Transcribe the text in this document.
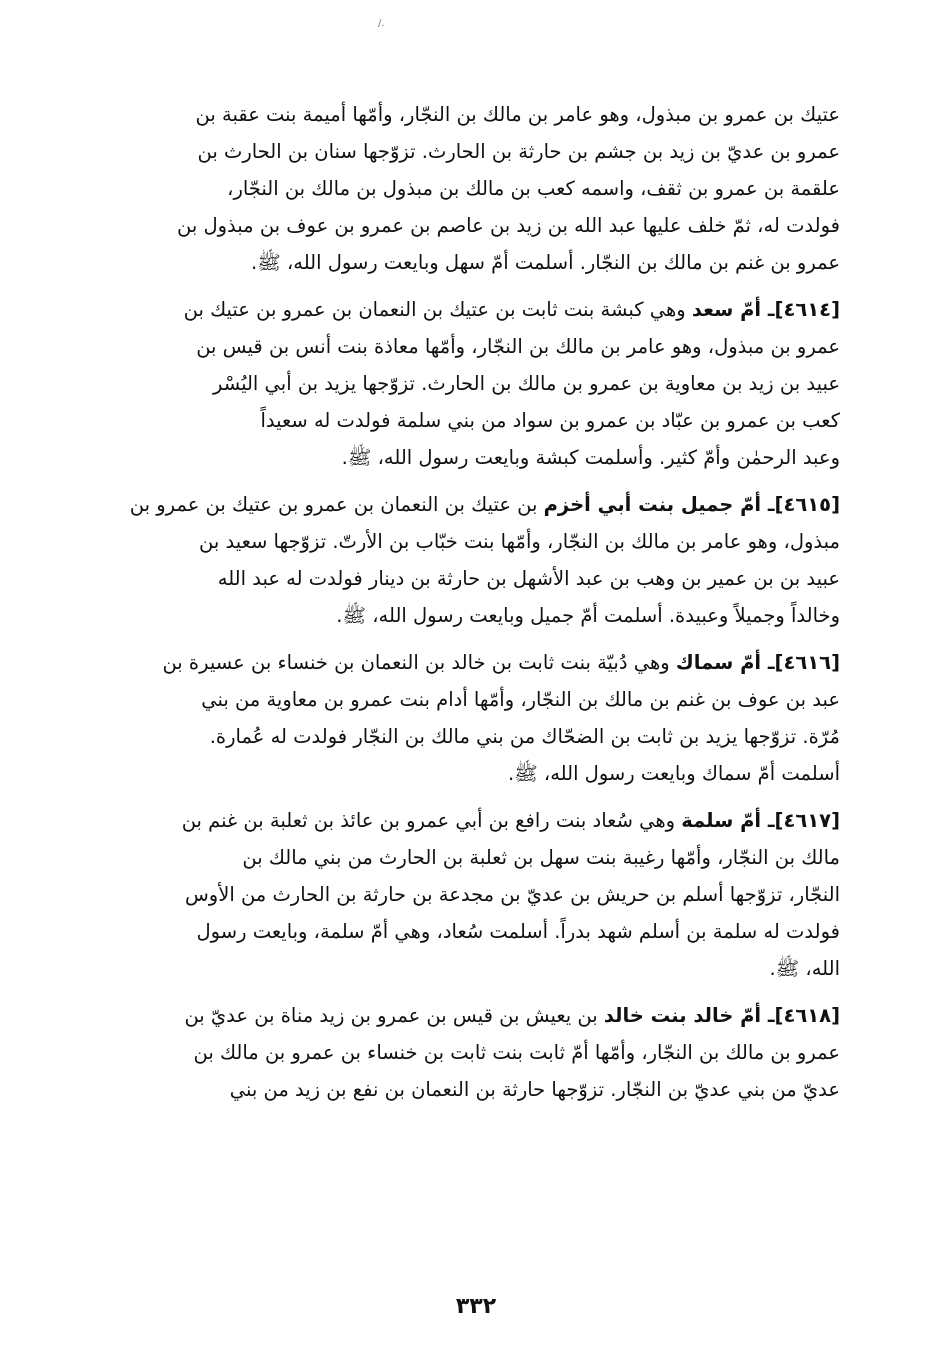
/.
عتيك بن عمرو بن مبذول، وهو عامر بن مالك بن النجّار، وأمّها أميمة بنت عقبة بن
عمرو بن عديّ بن زيد بن جشم بن حارثة بن الحارث. تزوّجها سنان بن الحارث بن
علقمة بن عمرو بن ثقف، واسمه كعب بن مالك بن مبذول بن مالك بن النجّار،
فولدت له، ثمّ خلف عليها عبد الله بن زيد بن عاصم بن عمرو بن عوف بن مبذول بن
عمرو بن غنم بن مالك بن النجّار. أسلمت أمّ سهل وبايعت رسول الله، ﷺ.
[٤٦١٤]ـ أمّ سعد وهي كبشة بنت ثابت بن عتيك بن النعمان بن عمرو بن عتيك بن
عمرو بن مبذول، وهو عامر بن مالك بن النجّار، وأمّها معاذة بنت أنس بن قيس بن
عبيد بن زيد بن معاوية بن عمرو بن مالك بن الحارث. تزوّجها يزيد بن أبي اليُسْر
كعب بن عمرو بن عبّاد بن عمرو بن سواد من بني سلمة فولدت له سعيداً
وعبد الرحمٰن وأمّ كثير. وأسلمت كبشة وبايعت رسول الله، ﷺ.
[٤٦١٥]ـ أمّ جميل بنت أبي أخزم بن عتيك بن النعمان بن عمرو بن عتيك بن عمرو بن
مبذول، وهو عامر بن مالك بن النجّار، وأمّها بنت خبّاب بن الأرتّ. تزوّجها سعيد بن
عبيد بن بن عمير بن وهب بن عبد الأشهل بن حارثة بن دينار فولدت له عبد الله
وخالداً وجميلاً وعبيدة. أسلمت أمّ جميل وبايعت رسول الله، ﷺ.
[٤٦١٦]ـ أمّ سماك وهي دُبيّة بنت ثابت بن خالد بن النعمان بن خنساء بن عسيرة بن
عبد بن عوف بن غنم بن مالك بن النجّار، وأمّها أدام بنت عمرو بن معاوية من بني
مُرّة. تزوّجها يزيد بن ثابت بن الضحّاك من بني مالك بن النجّار فولدت له عُمارة.
أسلمت أمّ سماك وبايعت رسول الله، ﷺ.
[٤٦١٧]ـ أمّ سلمة وهي سُعاد بنت رافع بن أبي عمرو بن عائذ بن ثعلبة بن غنم بن
مالك بن النجّار، وأمّها رغيبة بنت سهل بن ثعلبة بن الحارث من بني مالك بن
النجّار، تزوّجها أسلم بن حريش بن عديّ بن مجدعة بن حارثة بن الحارث من الأوس
فولدت له سلمة بن أسلم شهد بدراً. أسلمت سُعاد، وهي أمّ سلمة، وبايعت رسول
الله، ﷺ.
[٤٦١٨]ـ أمّ خالد بنت خالد بن يعيش بن قيس بن عمرو بن زيد مناة بن عديّ بن
عمرو بن مالك بن النجّار، وأمّها أمّ ثابت بنت ثابت بن خنساء بن عمرو بن مالك بن
عديّ من بني عديّ بن النجّار. تزوّجها حارثة بن النعمان بن نفع بن زيد من بني
٣٣٢
